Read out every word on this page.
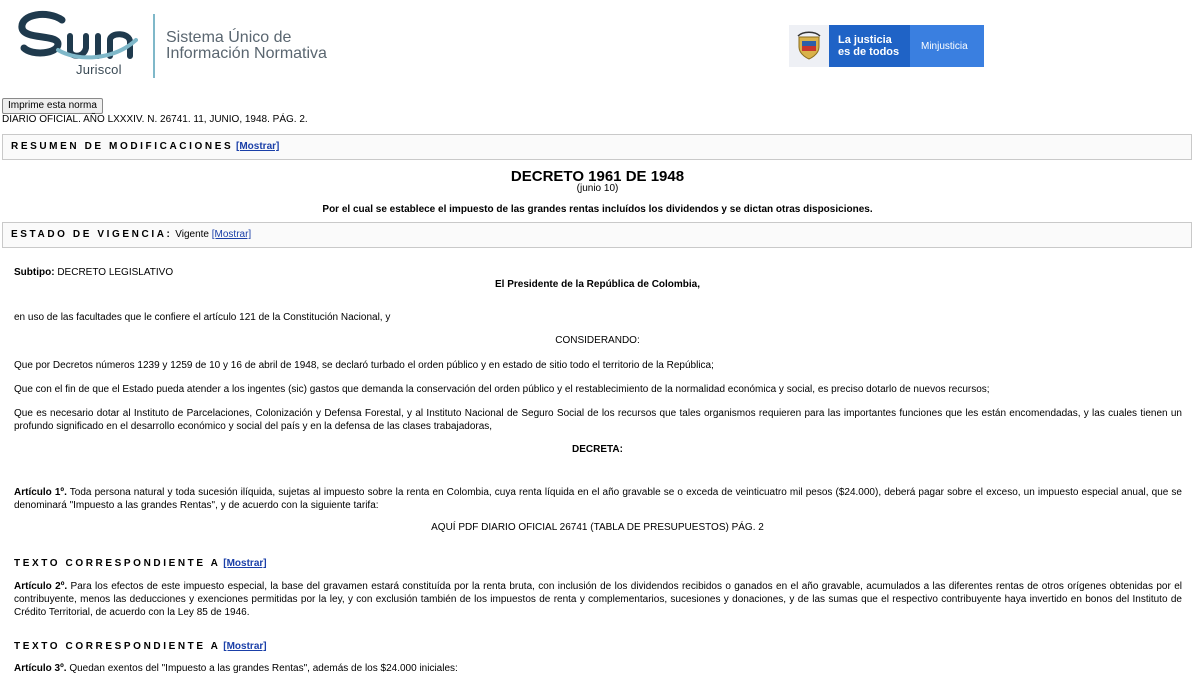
Juriscol
Sistema Único de
Información Normativa
La justicia
es de todos	Minjusticia
Imprime esta norma
DIARIO OFICIAL. AÑO LXXXIV. N. 26741. 11, JUNIO, 1948. PÁG. 2.
RESUMEN DE MODIFICACIONES [Mostrar]
DECRETO 1961 DE 1948
(junio 10)
Por el cual se establece el impuesto de las grandes rentas incluídos los dividendos y se dictan otras disposiciones.
ESTADO DE VIGENCIA: Vigente [Mostrar]
Subtipo: DECRETO LEGISLATIVO
El Presidente de la República de Colombia,
en uso de las facultades que le confiere el artículo 121 de la Constitución Nacional, y
CONSIDERANDO:
Que por Decretos números 1239 y 1259 de 10 y 16 de abril de 1948, se declaró turbado el orden público y en estado de sitio todo el territorio de la República;
Que con el fin de que el Estado pueda atender a los ingentes (sic) gastos que demanda la conservación del orden público y el restablecimiento de la normalidad económica y social, es preciso dotarlo de nuevos recursos;
Que es necesario dotar al Instituto de Parcelaciones, Colonización y Defensa Forestal, y al Instituto Nacional de Seguro Social de los recursos que tales organismos requieren para las importantes funciones que les están encomendadas, y las cuales tienen un profundo significado en el desarrollo económico y social del país y en la defensa de las clases trabajadoras,
DECRETA:
Artículo 1º. Toda persona natural y toda sucesión ilíquida, sujetas al impuesto sobre la renta en Colombia, cuya renta líquida en el año gravable se o exceda de veinticuatro mil pesos ($24.000), deberá pagar sobre el exceso, un impuesto especial anual, que se denominará "Impuesto a las grandes Rentas", y de acuerdo con la siguiente tarifa:
AQUÍ PDF DIARIO OFICIAL 26741 (TABLA DE PRESUPUESTOS) PÁG. 2
TEXTO CORRESPONDIENTE A [Mostrar]
Artículo 2º. Para los efectos de este impuesto especial, la base del gravamen estará constituída por la renta bruta, con inclusión de los dividendos recibidos o ganados en el año gravable, acumulados a las diferentes rentas de otros orígenes obtenidas por el contribuyente, menos las deducciones y exenciones permitidas por la ley, y con exclusión también de los impuestos de renta y complementarios, sucesiones y donaciones, y de las sumas que el respectivo contribuyente haya invertido en bonos del Instituto de Crédito Territorial, de acuerdo con la Ley 85 de 1946.
TEXTO CORRESPONDIENTE A [Mostrar]
Artículo 3º. Quedan exentos del "Impuesto a las grandes Rentas", además de los $24.000 iniciales:
